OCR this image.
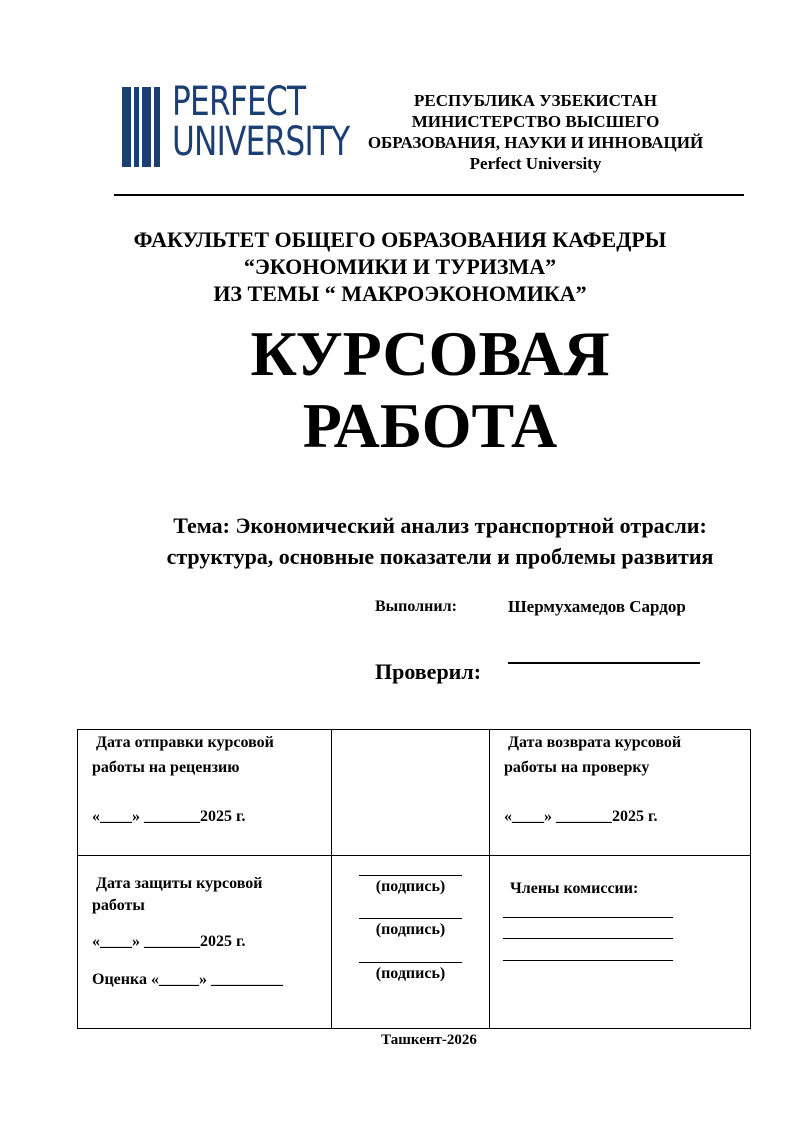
PERFECT
UNIVERSITY
РЕСПУБЛИКА УЗБЕКИСТАН
МИНИСТЕРСТВО ВЫСШЕГО
ОБРАЗОВАНИЯ, НАУКИ И ИННОВАЦИЙ
Perfect University
ФАКУЛЬТЕТ ОБЩЕГО ОБРАЗОВАНИЯ КАФЕДРЫ
“ЭКОНОМИКИ И ТУРИЗМА”
ИЗ ТЕМЫ “ МАКРОЭКОНОМИКА”
КУРСОВАЯ
РАБОТА
Тема: Экономический анализ транспортной отрасли:
структура, основные показатели и проблемы развития
Выполнил:	Шермухамедов Сардор
Проверил:
Дата отправки курсовой
работы на рецензию
«____» _______2025 г.
Дата возврата курсовой
работы на проверку
«____» _______2025 г.
Дата защиты курсовой
работы
«____» _______2025 г.
Оценка «_____» _________
(подпись)
(подпись)
(подпись)
Члены комиссии:
Ташкент-2026
